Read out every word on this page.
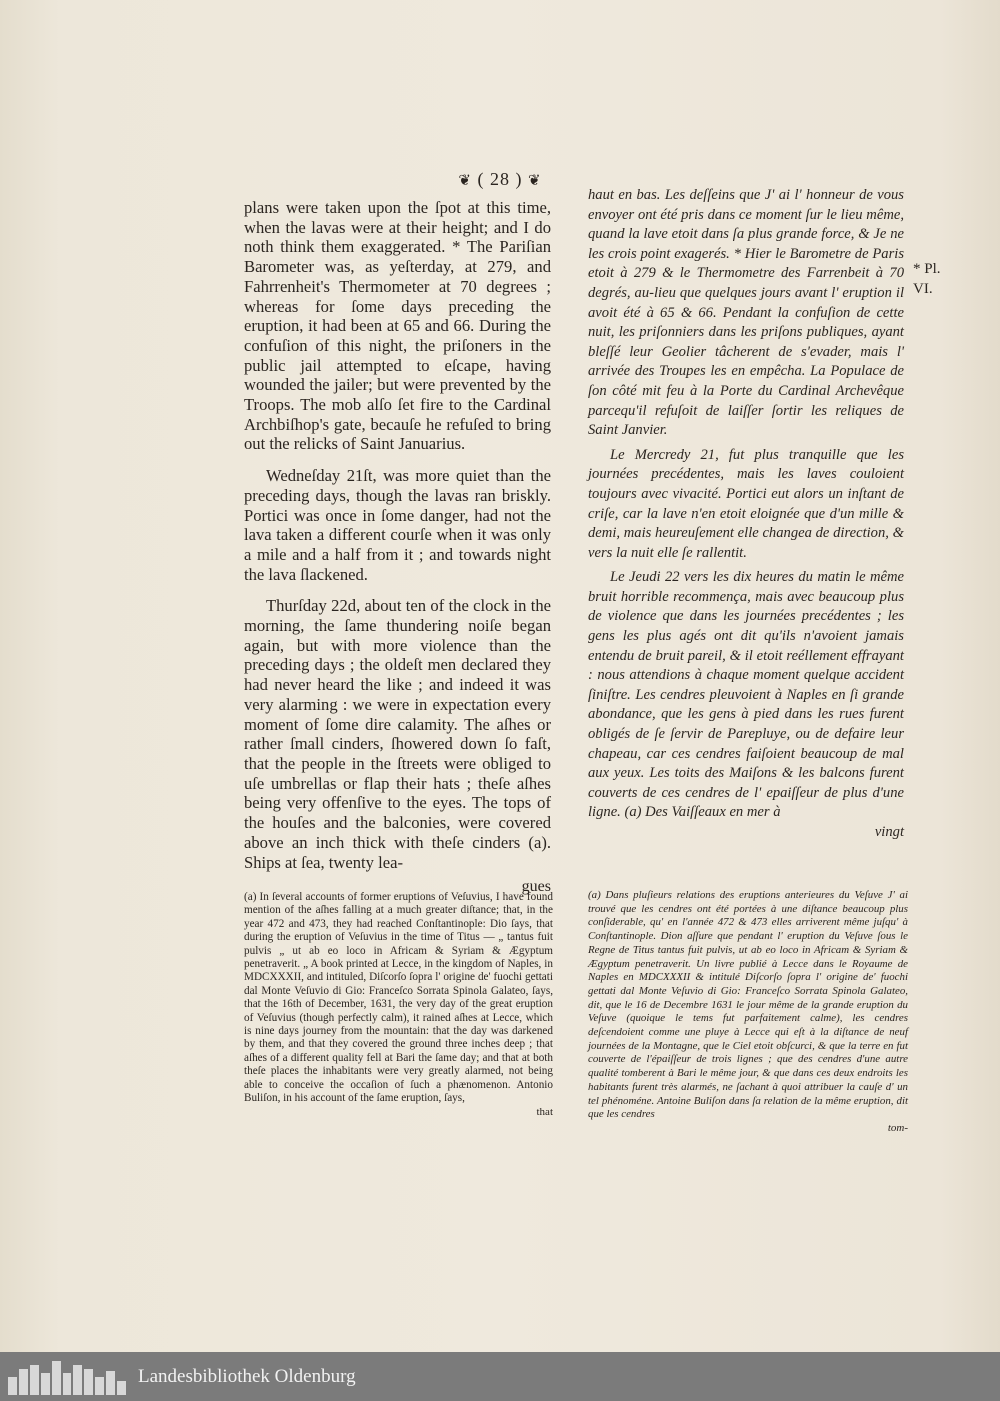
❦ ( 28 ) ❦

plans were taken upon the ſpot at this time, when the lavas were at their height; and I do noth think them exaggerated. * The Pariſian Barometer was, as yeſterday, at 279, and Fahrrenheit's Thermometer at 70 degrees ; whereas for ſome days preceding the eruption, it had been at 65 and 66. During the confuſion of this night, the priſoners in the public jail attempted to eſcape, having wounded the jailer; but were prevented by the Troops. The mob alſo ſet fire to the Cardinal Archbiſhop's gate, becauſe he refuſed to bring out the relicks of Saint Januarius.

Wedneſday 21ſt, was more quiet than the preceding days, though the lavas ran briskly. Portici was once in ſome danger, had not the lava taken a different courſe when it was only a mile and a half from it ; and towards night the lava ſlackened.

Thurſday 22d, about ten of the clock in the morning, the ſame thundering noiſe began again, but with more violence than the preceding days ; the oldeſt men declared they had never heard the like ; and indeed it was very alarming : we were in expectation every moment of ſome dire calamity. The aſhes or rather ſmall cinders, ſhowered down ſo faſt, that the people in the ſtreets were obliged to uſe umbrellas or flap their hats ; theſe aſhes being very offenſive to the eyes. The tops of the houſes and the balconies, were covered above an inch thick with theſe cinders (a). Ships at ſea, twenty lea-

gues

haut en bas. Les deſſeins que J' ai l' honneur de vous envoyer ont été pris dans ce moment ſur le lieu même, quand la lave etoit dans ſa plus grande force, & Je ne les crois point exagerés. * Hier le Barometre de Paris etoit à 279 & le Thermometre des Farrenbeit à 70 degrés, au-lieu que quelques jours avant l' eruption il avoit été à 65 & 66. Pendant la confuſion de cette nuit, les priſonniers dans les priſons publiques, ayant bleſſé leur Geolier tâcherent de s'evader, mais l' arrivée des Troupes les en empêcha. La Populace de ſon côté mit feu à la Porte du Cardinal Archevêque parcequ'il refuſoit de laiſſer ſortir les reliques de Saint Janvier.

Le Mercredy 21, fut plus tranquille que les journées precédentes, mais les laves couloient toujours avec vivacité. Portici eut alors un inſtant de criſe, car la lave n'en etoit eloignée que d'un mille & demi, mais heureuſement elle changea de direction, & vers la nuit elle ſe rallentit.

Le Jeudi 22 vers les dix heures du matin le même bruit horrible recommença, mais avec beaucoup plus de violence que dans les journées precédentes ; les gens les plus agés ont dit qu'ils n'avoient jamais entendu de bruit pareil, & il etoit reéllement effrayant : nous attendions à chaque moment quelque accident ſiniſtre. Les cendres pleuvoient à Naples en ſi grande abondance, que les gens à pied dans les rues furent obligés de ſe ſervir de Parepluye, ou de defaire leur chapeau, car ces cendres faiſoient beaucoup de mal aux yeux. Les toits des Maiſons & les balcons furent couverts de ces cendres de l' epaiſſeur de plus d'une ligne. (a) Des Vaiſſeaux en mer à

vingt
* Pl.
VI.
(a) In ſeveral accounts of former eruptions of Veſuvius, I have found mention of the aſhes falling at a much greater diſtance; that, in the year 472 and 473, they had reached Conſtantinople: Dio ſays, that during the eruption of Veſuvius in the time of Titus — „ tantus fuit pulvis „ ut ab eo loco in Africam & Syriam & Ægyptum penetraverit. „ A book printed at Lecce, in the kingdom of Naples, in MDCXXXII, and intituled, Diſcorſo ſopra l' origine de' fuochi gettati dal Monte Veſuvio di Gio: Franceſco Sorrata Spinola Galateo, ſays, that the 16th of December, 1631, the very day of the great eruption of Veſuvius (though perfectly calm), it rained aſhes at Lecce, which is nine days journey from the mountain: that the day was darkened by them, and that they covered the ground three inches deep ; that aſhes of a different quality fell at Bari the ſame day; and that at both theſe places the inhabitants were very greatly alarmed, not being able to conceive the occaſion of ſuch a phænomenon. Antonio Buliſon, in his account of the ſame eruption, ſays,
that
(a) Dans pluſieurs relations des eruptions anterieures du Veſuve J' ai trouvé que les cendres ont été portées à une diſtance beaucoup plus conſiderable, qu' en l'année 472 & 473 elles arriverent même juſqu' à Conſtantinople. Dion aſſure que pendant l' eruption du Veſuve ſous le Regne de Titus tantus fuit pulvis, ut ab eo loco in Africam & Syriam & Ægyptum penetraverit. Un livre publié à Lecce dans le Royaume de Naples en MDCXXXII & intitulé Diſcorſo ſopra l' origine de' fuochi gettati dal Monte Veſuvio di Gio: Franceſco Sorrata Spinola Galateo, dit, que le 16 de Decembre 1631 le jour même de la grande eruption du Veſuve (quoique le tems fut parfaitement calme), les cendres deſcendoient comme une pluye à Lecce qui eſt à la diſtance de neuf journées de la Montagne, que le Ciel etoit obſcurci, & que la terre en fut couverte de l'épaiſſeur de trois lignes ; que des cendres d'une autre qualité tomberent à Bari le même jour, & que dans ces deux endroits les habitants furent très alarmés, ne ſachant à quoi attribuer la cauſe d' un tel phénoméne. Antoine Buliſon dans ſa relation de la même eruption, dit que les cendres
tom-
Landesbibliothek Oldenburg
